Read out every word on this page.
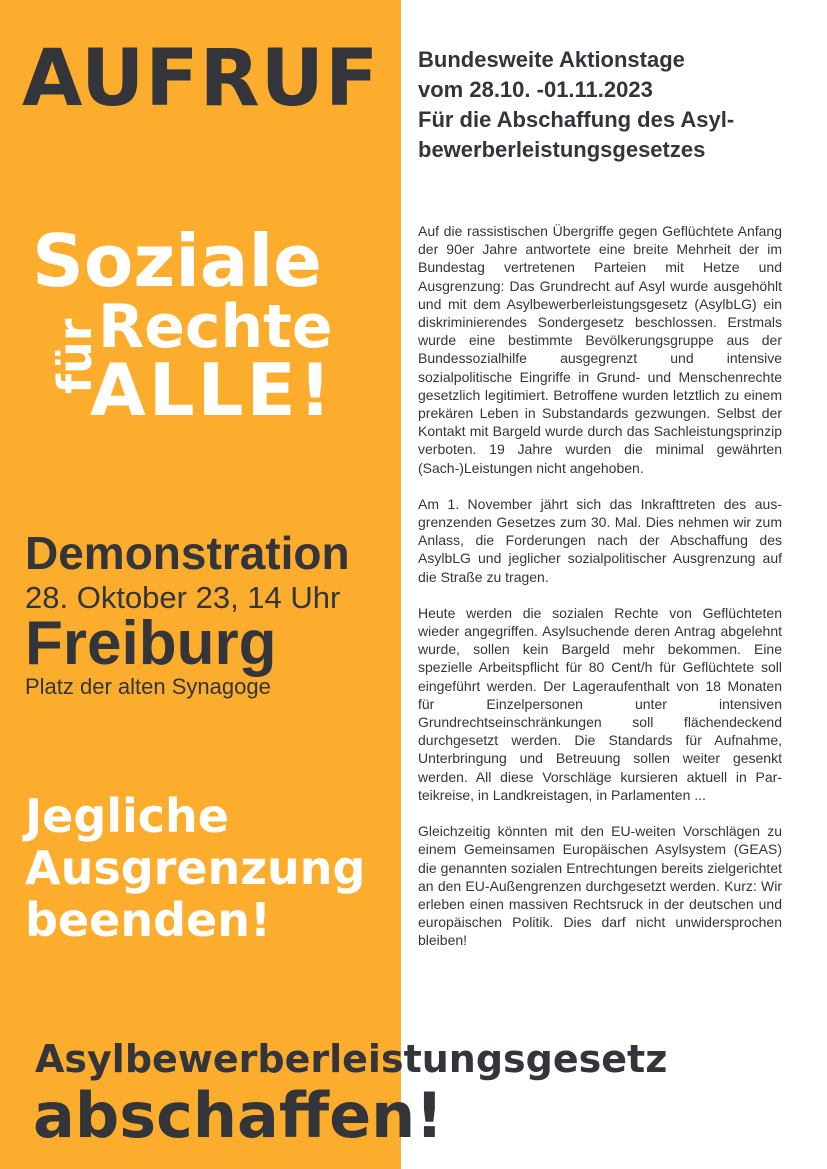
AUFRUF
Soziale
Rechte
ALLE!
für
Demonstration
28. Oktober 23, 14 Uhr
Freiburg
Platz der alten Synagoge
Jegliche
Ausgrenzung
beenden!
Bundesweite Aktionstage
vom 28.10. -01.11.2023
Für die Abschaffung des Asyl-
bewerberleistungsgesetzes

Auf die rassistischen Übergriffe gegen Geflüchtete Anfang der 90er Jahre antwortete eine breite Mehrheit der im Bundestag vertretenen Parteien mit Hetze und Ausgrenzung: Das Grundrecht auf Asyl wurde ausgehöhlt und mit dem Asylbewerberleistungsgesetz (AsylbLG) ein diskriminierendes Sondergesetz beschlossen. Erstmals wurde eine bestimmte Bevölkerungsgruppe aus der Bundessozialhilfe ausgegrenzt und intensive sozialpolitische Eingriffe in Grund- und Menschenrechte gesetzlich legitimiert. Betroffene wurden letztlich zu einem prekären Leben in Substandards gezwungen. Selbst der Kontakt mit Bargeld wurde durch das Sachleistungsprinzip verboten. 19 Jahre wurden die minimal gewährten (Sach-)Leistungen nicht angehoben.

Am 1. November jährt sich das Inkrafttreten des ausgrenzenden Gesetzes zum 30. Mal. Dies nehmen wir zum Anlass, die Forderungen nach der Abschaffung des AsylbLG und jeglicher sozialpolitischer Ausgrenzung auf die Straße zu tragen.

Heute werden die sozialen Rechte von Geflüchteten wieder angegriffen. Asylsuchende deren Antrag abgelehnt wurde, sollen kein Bargeld mehr bekommen. Eine spezielle Arbeitspflicht für 80 Cent/h für Geflüchtete soll eingeführt werden. Der Lageraufenthalt von 18 Monaten für Einzelpersonen unter intensiven Grundrechtseinschränkungen soll flächendeckend durchgesetzt werden. Die Standards für Aufnahme, Unterbringung und Betreuung sollen weiter gesenkt werden. All diese Vorschläge kursieren aktuell in Parteikreise, in Landkreistagen, in Parlamenten ...

Gleichzeitig könnten mit den EU-weiten Vorschlägen zu einem Gemeinsamen Europäischen Asylsystem (GEAS) die genannten sozialen Entrechtungen bereits zielgerichtet an den EU-Außengrenzen durchgesetzt werden. Kurz: Wir erleben einen massiven Rechtsruck in der deutschen und europäischen Politik. Dies darf nicht unwidersprochen bleiben!

Asylbewerberleistungsgesetz
abschaffen!
